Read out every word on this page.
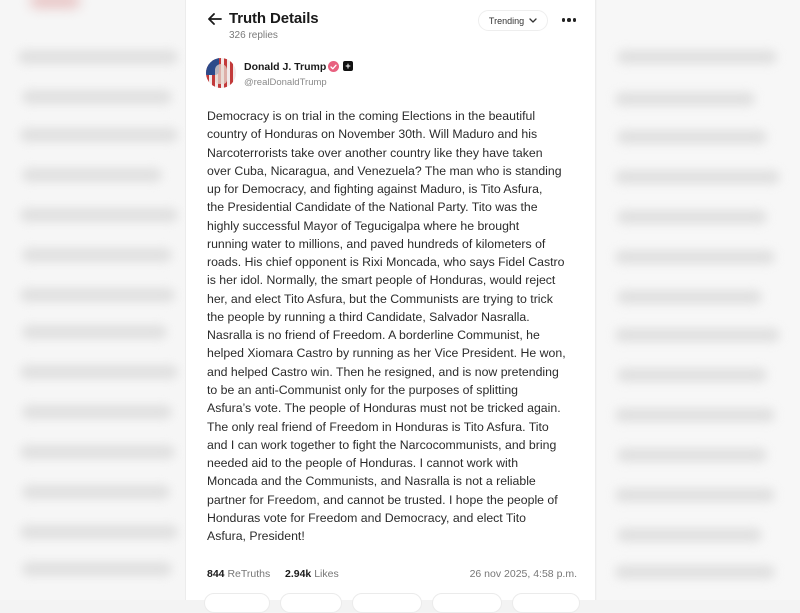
Truth Details
326 replies
Trending
Donald J. Trump +
@realDonaldTrump
Democracy is on trial in the coming Elections in the beautiful
country of Honduras on November 30th. Will Maduro and his
Narcoterrorists take over another country like they have taken
over Cuba, Nicaragua, and Venezuela? The man who is standing
up for Democracy, and fighting against Maduro, is Tito Asfura,
the Presidential Candidate of the National Party. Tito was the
highly successful Mayor of Tegucigalpa where he brought
running water to millions, and paved hundreds of kilometers of
roads. His chief opponent is Rixi Moncada, who says Fidel Castro
is her idol. Normally, the smart people of Honduras, would reject
her, and elect Tito Asfura, but the Communists are trying to trick
the people by running a third Candidate, Salvador Nasralla.
Nasralla is no friend of Freedom. A borderline Communist, he
helped Xiomara Castro by running as her Vice President. He won,
and helped Castro win. Then he resigned, and is now pretending
to be an anti-Communist only for the purposes of splitting
Asfura’s vote. The people of Honduras must not be tricked again.
The only real friend of Freedom in Honduras is Tito Asfura. Tito
and I can work together to fight the Narcocommunists, and bring
needed aid to the people of Honduras. I cannot work with
Moncada and the Communists, and Nasralla is not a reliable
partner for Freedom, and cannot be trusted. I hope the people of
Honduras vote for Freedom and Democracy, and elect Tito
Asfura, President!
844 ReTruths 2.94k Likes	26 nov 2025, 4:58 p.m.
